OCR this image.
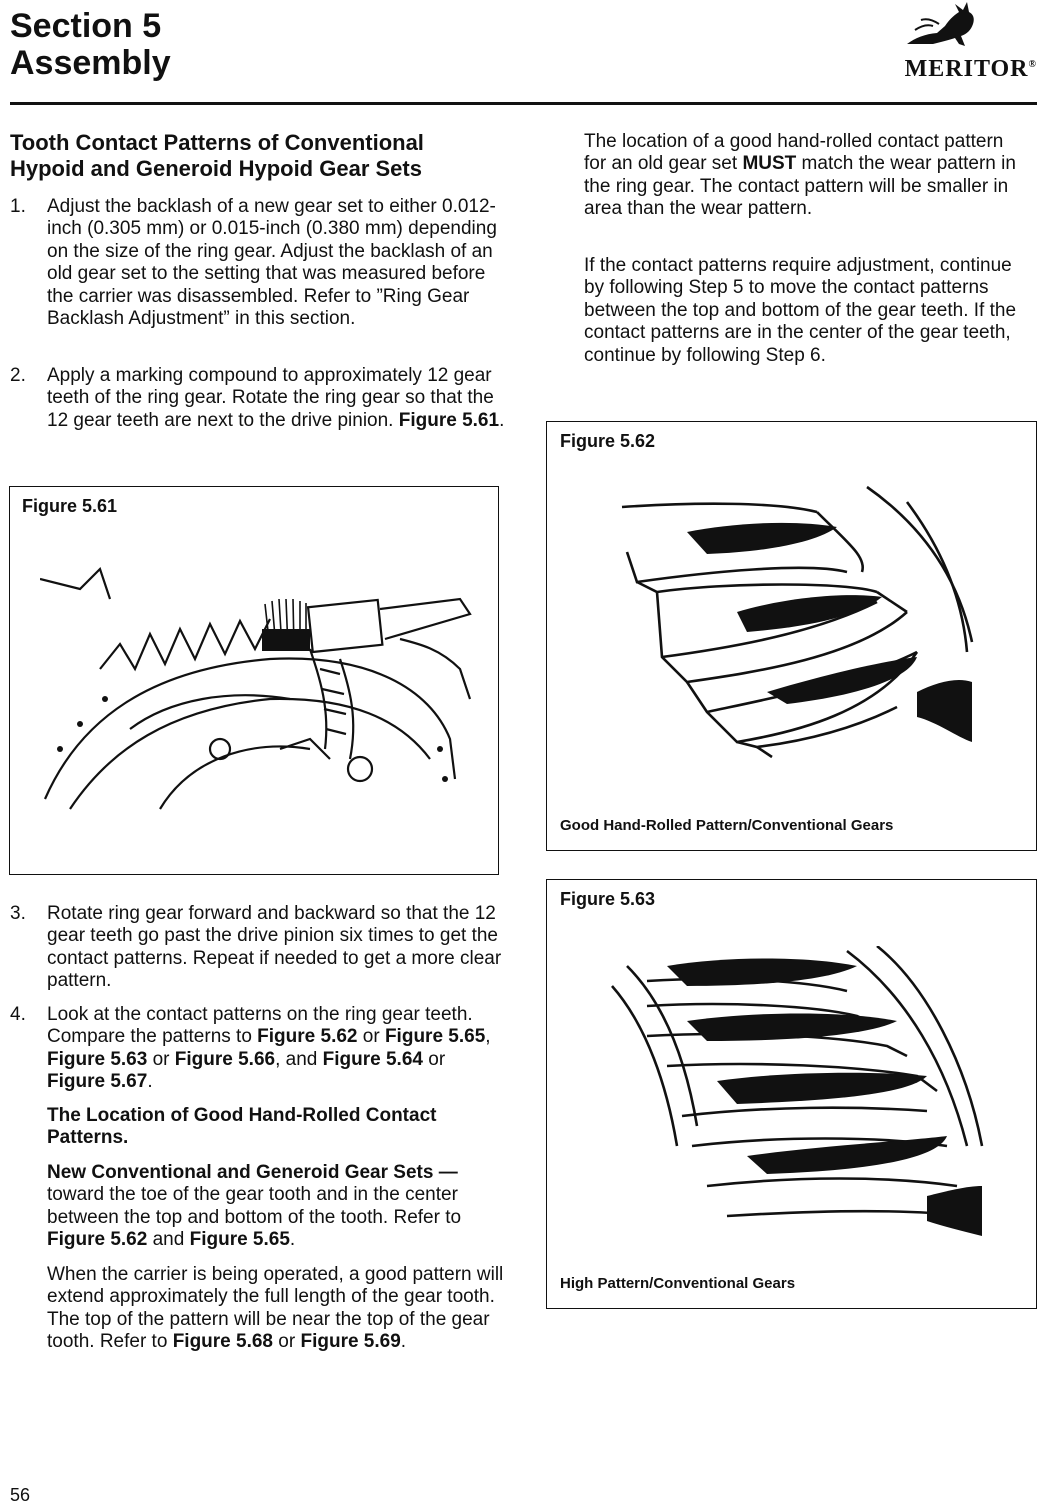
Section 5
Assembly	MERITOR®
Tooth Contact Patterns of Conventional
Hypoid and Generoid Hypoid Gear Sets
1. Adjust the backlash of a new gear set to either 0.012-inch (0.305 mm) or 0.015-inch (0.380 mm) depending on the size of the ring gear. Adjust the backlash of an old gear set to the setting that was measured before the carrier was disassembled. Refer to ”Ring Gear Backlash Adjustment” in this section.
2. Apply a marking compound to approximately 12 gear teeth of the ring gear. Rotate the ring gear so that the 12 gear teeth are next to the drive pinion. Figure 5.61.
Figure 5.61
3. Rotate ring gear forward and backward so that the 12 gear teeth go past the drive pinion six times to get the contact patterns. Repeat if needed to get a more clear pattern.
4. Look at the contact patterns on the ring gear teeth. Compare the patterns to Figure 5.62 or Figure 5.65, Figure 5.63 or Figure 5.66, and Figure 5.64 or Figure 5.67.
The Location of Good Hand-Rolled Contact Patterns.
New Conventional and Generoid Gear Sets — toward the toe of the gear tooth and in the center between the top and bottom of the tooth. Refer to Figure 5.62 and Figure 5.65.
When the carrier is being operated, a good pattern will extend approximately the full length of the gear tooth. The top of the pattern will be near the top of the gear tooth. Refer to Figure 5.68 or Figure 5.69.
The location of a good hand-rolled contact pattern for an old gear set MUST match the wear pattern in the ring gear. The contact pattern will be smaller in area than the wear pattern.
If the contact patterns require adjustment, continue by following Step 5 to move the contact patterns between the top and bottom of the gear teeth. If the contact patterns are in the center of the gear teeth, continue by following Step 6.
Figure 5.62
Good Hand-Rolled Pattern/Conventional Gears
Figure 5.63
High Pattern/Conventional Gears
56
